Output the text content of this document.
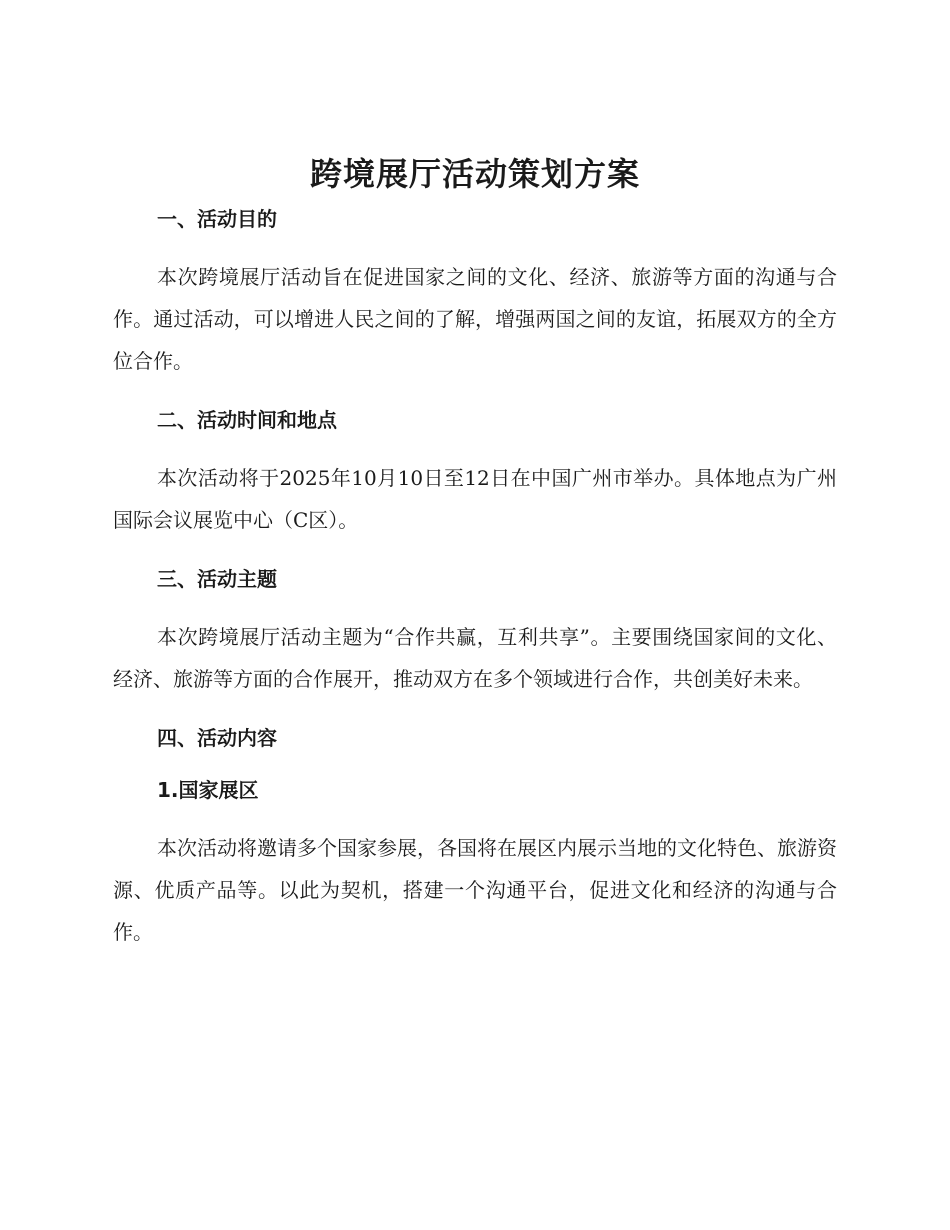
跨境展厅活动策划方案
一、活动目的

本次跨境展厅活动旨在促进国家之间的文化、经济、旅游等方面的沟通与合作。通过活动，可以增进人民之间的了解，增强两国之间的友谊，拓展双方的全方位合作。

二、活动时间和地点

本次活动将于2025年10月10日至12日在中国广州市举办。具体地点为广州国际会议展览中心（C区）。

三、活动主题

本次跨境展厅活动主题为“合作共赢，互利共享”。主要围绕国家间的文化、经济、旅游等方面的合作展开，推动双方在多个领域进行合作，共创美好未来。

四、活动内容
1.国家展区

本次活动将邀请多个国家参展，各国将在展区内展示当地的文化特色、旅游资源、优质产品等。以此为契机，搭建一个沟通平台，促进文化和经济的沟通与合作。
